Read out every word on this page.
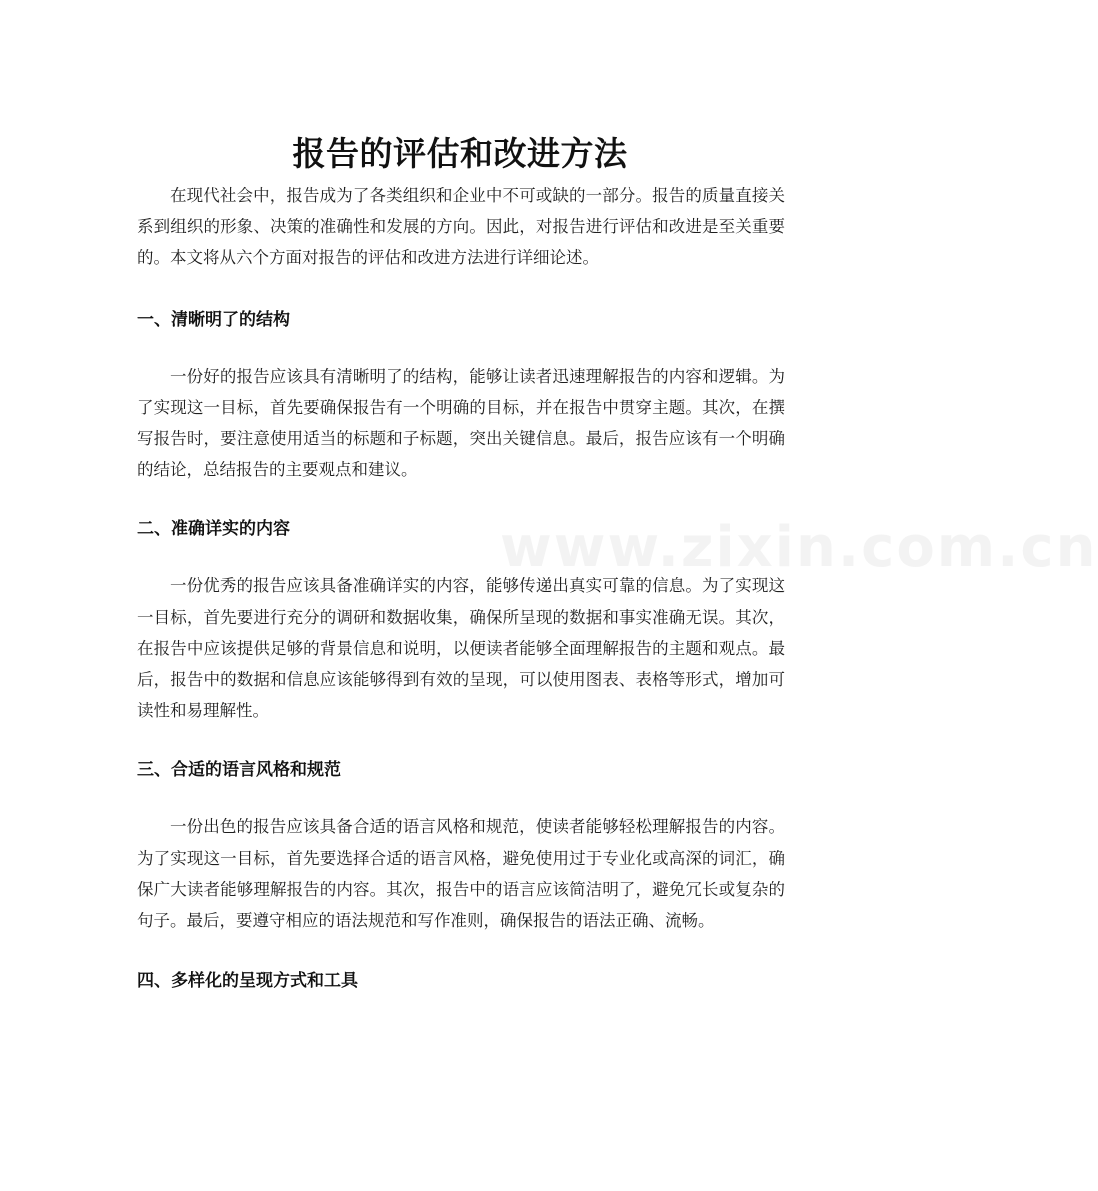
www.zixin.com.cn
报告的评估和改进方法

在现代社会中，报告成为了各类组织和企业中不可或缺的一部分。报告的质量直接关系到组织的形象、决策的准确性和发展的方向。因此，对报告进行评估和改进是至关重要的。本文将从六个方面对报告的评估和改进方法进行详细论述。

一、清晰明了的结构

一份好的报告应该具有清晰明了的结构，能够让读者迅速理解报告的内容和逻辑。为了实现这一目标，首先要确保报告有一个明确的目标，并在报告中贯穿主题。其次，在撰写报告时，要注意使用适当的标题和子标题，突出关键信息。最后，报告应该有一个明确的结论，总结报告的主要观点和建议。

二、准确详实的内容

一份优秀的报告应该具备准确详实的内容，能够传递出真实可靠的信息。为了实现这一目标，首先要进行充分的调研和数据收集，确保所呈现的数据和事实准确无误。其次，在报告中应该提供足够的背景信息和说明，以便读者能够全面理解报告的主题和观点。最后，报告中的数据和信息应该能够得到有效的呈现，可以使用图表、表格等形式，增加可读性和易理解性。

三、合适的语言风格和规范

一份出色的报告应该具备合适的语言风格和规范，使读者能够轻松理解报告的内容。为了实现这一目标，首先要选择合适的语言风格，避免使用过于专业化或高深的词汇，确保广大读者能够理解报告的内容。其次，报告中的语言应该简洁明了，避免冗长或复杂的句子。最后，要遵守相应的语法规范和写作准则，确保报告的语法正确、流畅。

四、多样化的呈现方式和工具
